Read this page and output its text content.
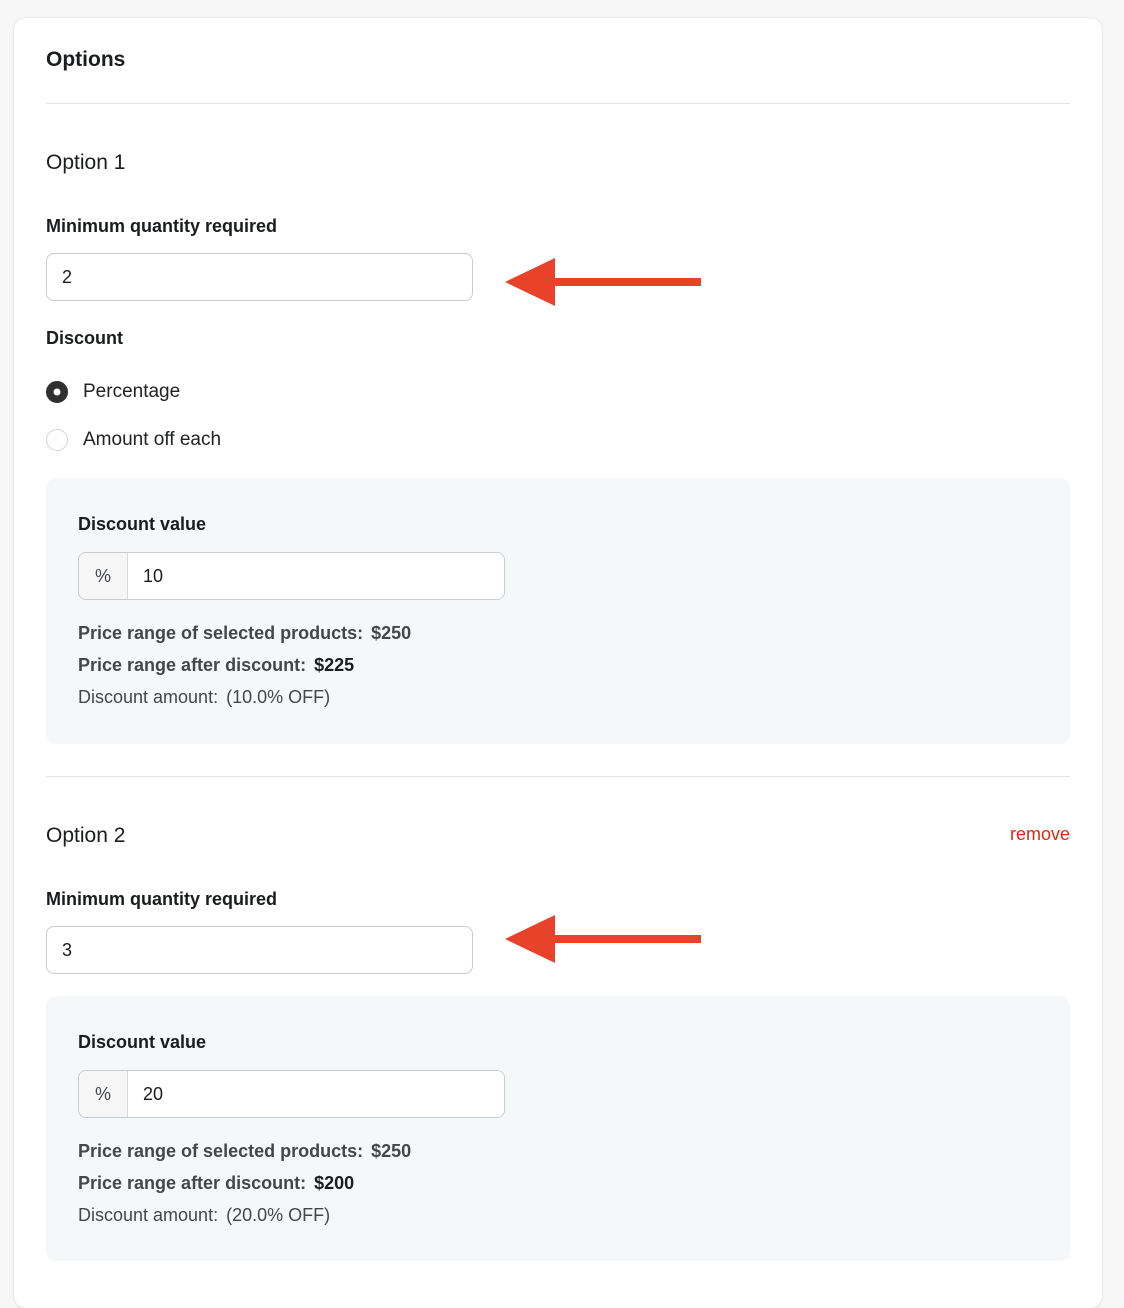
Options
Option 1
Minimum quantity required
2
Discount
Percentage
Amount off each
Discount value
%
10
Price range of selected products: $250
Price range after discount: $225
Discount amount: (10.0% OFF)
Option 2	remove
Minimum quantity required
3
Discount value
%
20
Price range of selected products: $250
Price range after discount: $200
Discount amount: (20.0% OFF)
